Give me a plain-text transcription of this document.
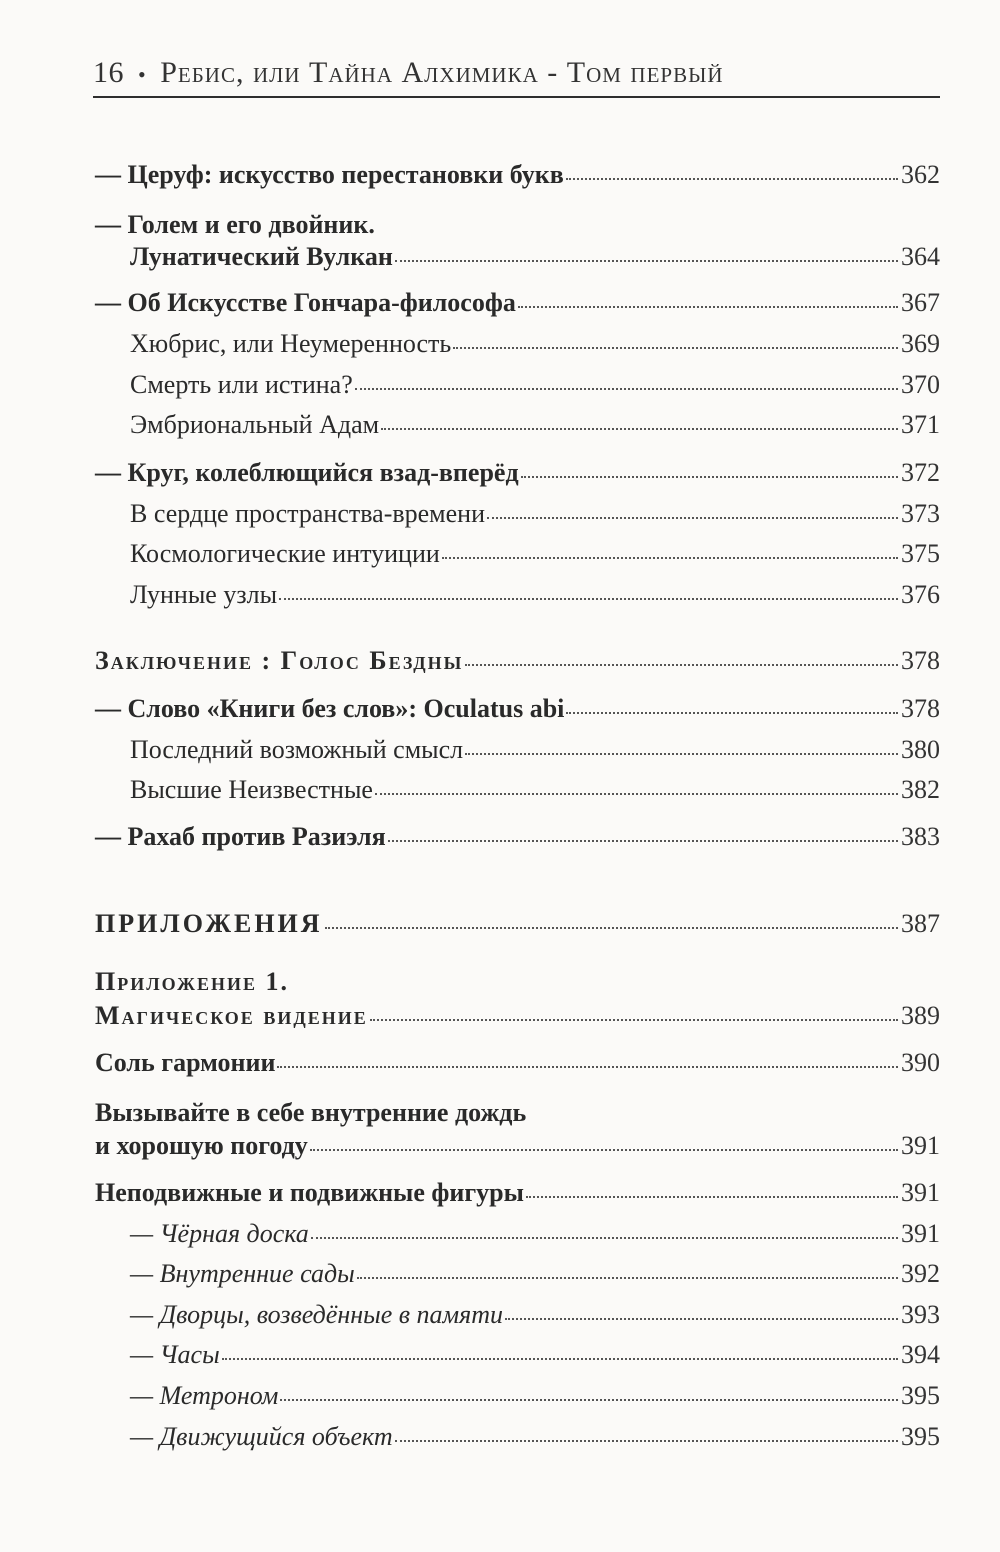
16 • Ребис, или Тайна Алхимика - Том первый
— Церуф: искусство перестановки букв	362
— Голем и его двойник.
Лунатический Вулкан	364
— Об Искусстве Гончара-философа	367
Хюбрис, или Неумеренность	369
Смерть или истина?	370
Эмбриональный Адам	371
— Круг, колеблющийся взад-вперёд	372
В сердце пространства-времени	373
Космологические интуиции	375
Лунные узлы	376
Заключение : Голос Бездны	378
— Слово «Книги без слов»: Oculatus abi	378
Последний возможный смысл	380
Высшие Неизвестные	382
— Рахаб против Разиэля	383
ПРИЛОЖЕНИЯ	387
Приложение 1.
Магическое видение	389
Соль гармонии	390
Вызывайте в себе внутренние дождь
и хорошую погоду	391
Неподвижные и подвижные фигуры	391
— Чёрная доска	391
— Внутренние сады	392
— Дворцы, возведённые в памяти	393
— Часы	394
— Метроном	395
— Движущийся объект	395
